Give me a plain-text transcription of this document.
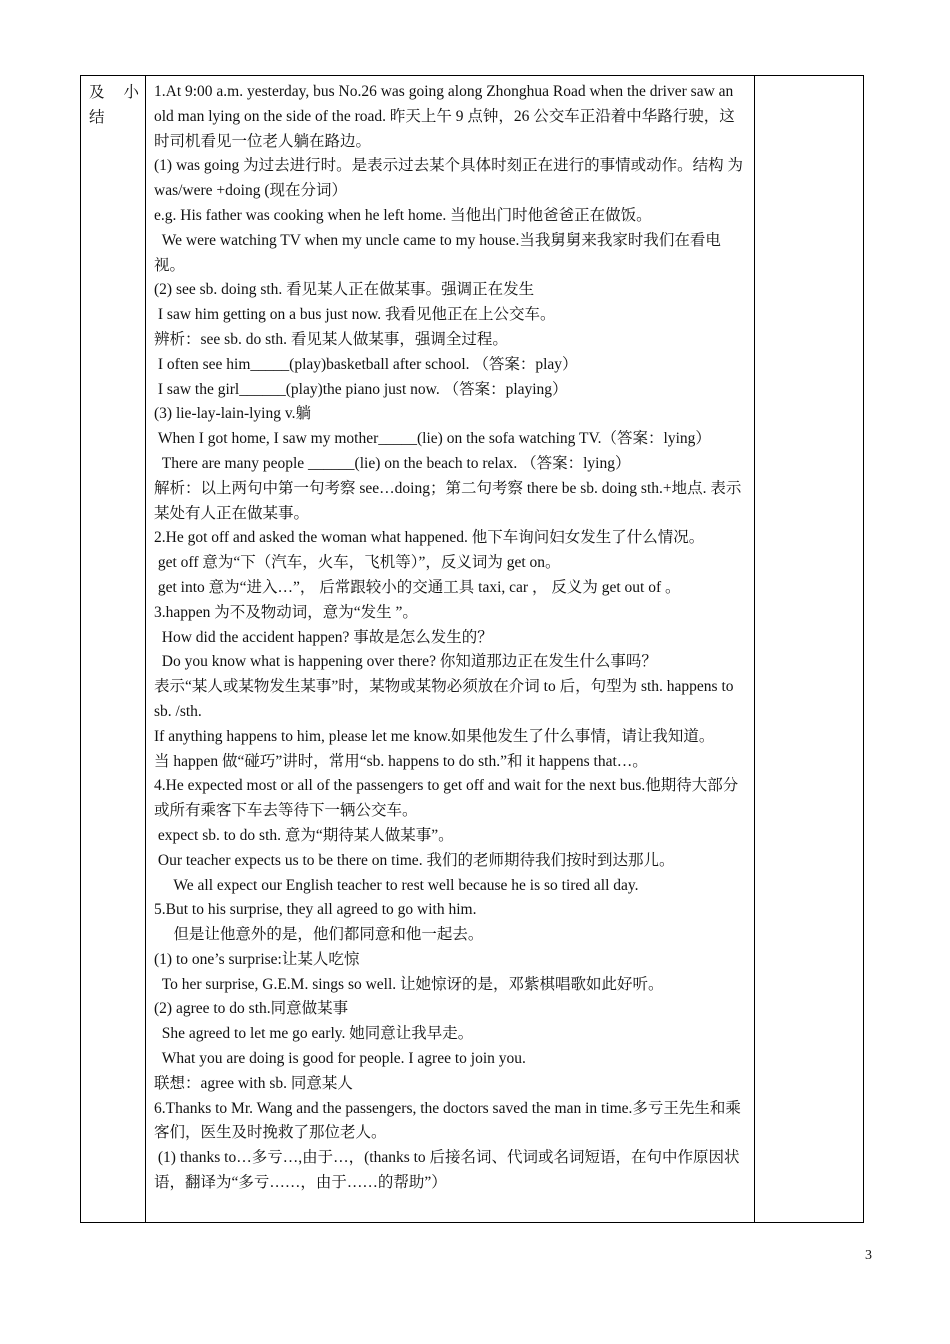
及 小
结

1.At 9:00 a.m. yesterday, bus No.26 was going along Zhonghua Road when the driver saw an old man lying on the side of the road. 昨天上午 9 点钟，26 公交车正沿着中华路行驶，这时司机看见一位老人躺在路边。

(1) was going 为过去进行时。是表示过去某个具体时刻正在进行的事情或动作。结构 为 was/were +doing (现在分词）

e.g. His father was cooking when he left home. 当他出门时他爸爸正在做饭。

We were watching TV when my uncle came to my house.当我舅舅来我家时我们在看电视。

(2) see sb. doing sth. 看见某人正在做某事。强调正在发生

I saw him getting on a bus just now. 我看见他正在上公交车。

辨析：see sb. do sth. 看见某人做某事，强调全过程。

I often see him_____(play)basketball after school. （答案：play）

I saw the girl______(play)the piano just now. （答案：playing）

(3) lie-lay-lain-lying v.躺

When I got home, I saw my mother_____(lie) on the sofa watching TV.（答案：lying）

There are many people ______(lie) on the beach to relax. （答案：lying）

解析：以上两句中第一句考察 see…doing；第二句考察 there be sb. doing sth.+地点. 表示某处有人正在做某事。

2.He got off and asked the woman what happened. 他下车询问妇女发生了什么情况。

get off 意为“下（汽车，火车，飞机等）”，反义词为 get on。

get into 意为“进入…”， 后常跟较小的交通工具 taxi, car ， 反义为 get out of 。

3.happen 为不及物动词，意为“发生 ”。

How did the accident happen? 事故是怎么发生的？

Do you know what is happening over there? 你知道那边正在发生什么事吗？

表示“某人或某物发生某事”时，某物或某物必须放在介词 to 后，句型为 sth. happens to sb. /sth.

If anything happens to him, please let me know.如果他发生了什么事情，请让我知道。

当 happen 做“碰巧”讲时，常用“sb. happens to do sth.”和 it happens that…。

4.He expected most or all of the passengers to get off and wait for the next bus.他期待大部分或所有乘客下车去等待下一辆公交车。

expect sb. to do sth. 意为“期待某人做某事”。

Our teacher expects us to be there on time. 我们的老师期待我们按时到达那儿。

We all expect our English teacher to rest well because he is so tired all day.

5.But to his surprise, they all agreed to go with him.

但是让他意外的是，他们都同意和他一起去。

(1) to one’s surprise:让某人吃惊

To her surprise, G.E.M. sings so well. 让她惊讶的是，邓紫棋唱歌如此好听。

(2) agree to do sth.同意做某事

She agreed to let me go early. 她同意让我早走。

What you are doing is good for people. I agree to join you.

联想：agree with sb. 同意某人

6.Thanks to Mr. Wang and the passengers, the doctors saved the man in time.多亏王先生和乘客们，医生及时挽救了那位老人。

(1) thanks to…多亏…,由于…，(thanks to 后接名词、代词或名词短语，在句中作原因状语，翻译为“多亏……，由于……的帮助”）

3
